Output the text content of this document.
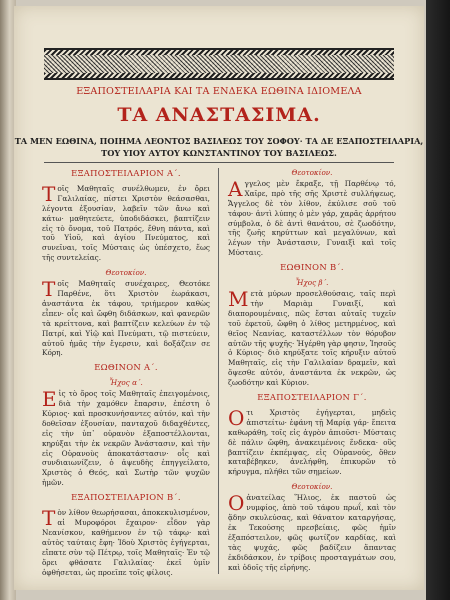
ΕΞΑΠΟΣΤΕΙΛΑΡΙΑ ΚΑΙ ΤΑ ΕΝΔΕΚΑ ΕΩΘΙΝΑ ΙΔΙΟΜΕΛΑ
ΤΑ ΑΝΑΣΤΑΣΙΜΑ.
ΤΑ ΜΕΝ ΕΩΘΙΝΑ, ΠΟΙΗΜΑ ΛΕΟΝΤΟΣ ΒΑΣΙΛΕΩΣ ΤΟΥ ΣΟΦΟΥ· ΤΑ ΔΕ ΕΞΑΠΟΣΤΕΙΛΑΡΙΑ,
ΤΟΥ ΥΙΟΥ ΑΥΤΟΥ ΚΩΝΣΤΑΝΤΙΝΟΥ ΤΟΥ ΒΑΣΙΛΕΩΣ.
ΕΞΑΠΟΣΤΕΙΛΑΡΙΟΝ Α΄.

Τοῖς Μαθηταῖς συνέλθωμεν, ἐν ὄρει Γαλιλαίας, πίστει Χριστὸν θεάσασθαι, λέγοντα ἐξουσίαν, λαβεῖν τῶν ἄνω καὶ κάτω· μαθητεύετε, ὑποδιδάσκει, βαπτίζειν εἰς τὸ ὄνομα, τοῦ Πατρός, ἔθνη πάντα, καὶ τοῦ Υἱοῦ, καὶ ἁγίου Πνεύματος, καὶ συνεῖναι, τοῖς Μύσταις ὡς ὑπέσχετο, ἕως τῆς συντελείας.

Θεοτοκίον.

Τοῖς Μαθηταῖς συνέχαιρες, Θεοτόκε Παρθένε, ὅτι Χριστὸν ἑωράκασι, ἀναστάντα ἐκ τάφου, τριήμερον καθὼς εἶπεν· οἷς καὶ ὤφθη διδάσκων, καὶ φανερῶν τὰ κρείττονα, καὶ βαπτίζειν κελεύων ἐν τῷ Πατρί, καὶ Υἱῷ καὶ Πνεύματι, τῷ πιστεύειν, αὐτοῦ ἡμᾶς τὴν ἔγερσιν, καὶ δοξάζειν σε Κόρη.

ΕΩΘΙΝΟΝ Α΄.
Ἦχος α΄.

Εἰς τὸ ὄρος τοῖς Μαθηταῖς ἐπειγομένοις, διὰ τὴν χαμόθεν ἔπαρσιν, ἐπέστη ὁ Κύριος· καὶ προσκυνήσαντες αὐτόν, καὶ τὴν δοθεῖσαν ἐξουσίαν, πανταχοῦ διδαχθέντες, εἰς τὴν ὑπ᾽ οὐρανὸν ἐξαποστέλλονται, κηρύξαι τὴν ἐκ νεκρῶν Ἀνάστασιν, καὶ τὴν εἰς Οὐρανοὺς ἀποκατάστασιν· οἷς καὶ συνδιαιωνίζειν, ὁ ἀψευδὴς ἐπηγγείλατο, Χριστὸς ὁ Θεός, καὶ Σωτὴρ τῶν ψυχῶν ἡμῶν.

ΕΞΑΠΟΣΤΕΙΛΑΡΙΟΝ Β΄.

Τὸν λίθον θεωρήσασαι, ἀποκεκυλισμένον, αἱ Μυροφόροι ἔχαιρον· εἶδον γὰρ Νεανίσκον, καθήμενον ἐν τῷ τάφῳ· καὶ αὐτὸς ταύταις ἔφη· Ἰδοὺ Χριστὸς ἐγήγερται, εἴπατε σὺν τῷ Πέτρῳ, τοῖς Μαθηταῖς· Ἐν τῷ ὄρει φθάσατε Γαλιλαίας· ἐκεῖ ὑμῖν ὀφθήσεται, ὡς προεῖπε τοῖς φίλοις.

Θεοτοκίον.

Αγγελος μὲν ἔκραξε, τῇ Παρθένῳ τό, Χαῖρε, πρὸ τῆς σῆς Χριστὲ συλλήψεως, Ἄγγελος δὲ τὸν λίθον, ἐκύλισε σοῦ τοῦ τάφου· ἀντὶ λύπης ὁ μὲν γάρ, χαρᾶς ἀρρήτου σύμβολα, ὁ δὲ ἀντὶ θανάτου, σὲ ζωοδότην, τῆς ζωῆς κηρύττων καὶ μεγαλύνων, καὶ λέγων τὴν Ἀνάστασιν, Γυναιξὶ καὶ τοῖς Μύσταις.

ΕΩΘΙΝΟΝ Β΄.
Ἦχος β΄.

Μετὰ μύρων προσελθούσαις, ταῖς περὶ τὴν Μαριὰμ Γυναιξί, καὶ διαπορουμέναις, πῶς ἔσται αὐταῖς τυχεῖν τοῦ ἐφετοῦ, ὤφθη ὁ λίθος μετηρμένος, καὶ θεῖος Νεανίας, καταστέλλων τὸν θόρυβον αὐτῶν τῆς ψυχῆς· Ἠγέρθη γὰρ φησιν, Ἰησοῦς ὁ Κύριος· διὸ κηρύξατε τοῖς κήρυξιν αὐτοῦ Μαθηταῖς, εἰς τὴν Γαλιλαίαν δραμεῖν, καὶ ὄψεσθε αὐτόν, ἀναστάντα ἐκ νεκρῶν, ὡς ζωοδότην καὶ Κύριον.

ΕΞΑΠΟΣΤΕΙΛΑΡΙΟΝ Γ΄.

Οτι Χριστὸς ἐγήγερται, μηδεὶς ἀπιστείτω· ἐφάνη τῇ Μαρίᾳ γάρ· ἔπειτα καθωράθη, τοῖς εἰς ἀγρὸν ἀπιοῦσι· Μύσταις δὲ πάλιν ὤφθη, ἀνακειμένοις ἕνδεκα· οὓς βαπτίζειν ἐκπέμψας, εἰς Οὐρανούς, ὅθεν καταβέβηκεν, ἀνελήφθη, ἐπικυρῶν τὸ κήρυγμα, πλήθει τῶν σημείων.

Θεοτοκίον.

Οἀνατείλας Ἥλιος, ἐκ παστοῦ ὡς νυμφίος, ἀπὸ τοῦ τάφου πρωΐ, καὶ τὸν ᾅδην σκυλεύσας, καὶ θάνατον καταργήσας, ἐκ Τεκούσης πρεσβείαις, φῶς ἡμῖν ἐξαπόστειλον, φῶς φωτίζον καρδίας, καὶ τὰς ψυχάς, φῶς βαδίζειν ἅπαντας ἐκδιδάσκον, ἐν τρίβοις προσταγμάτων σου, καὶ ὁδοῖς τῆς εἰρήνης.
